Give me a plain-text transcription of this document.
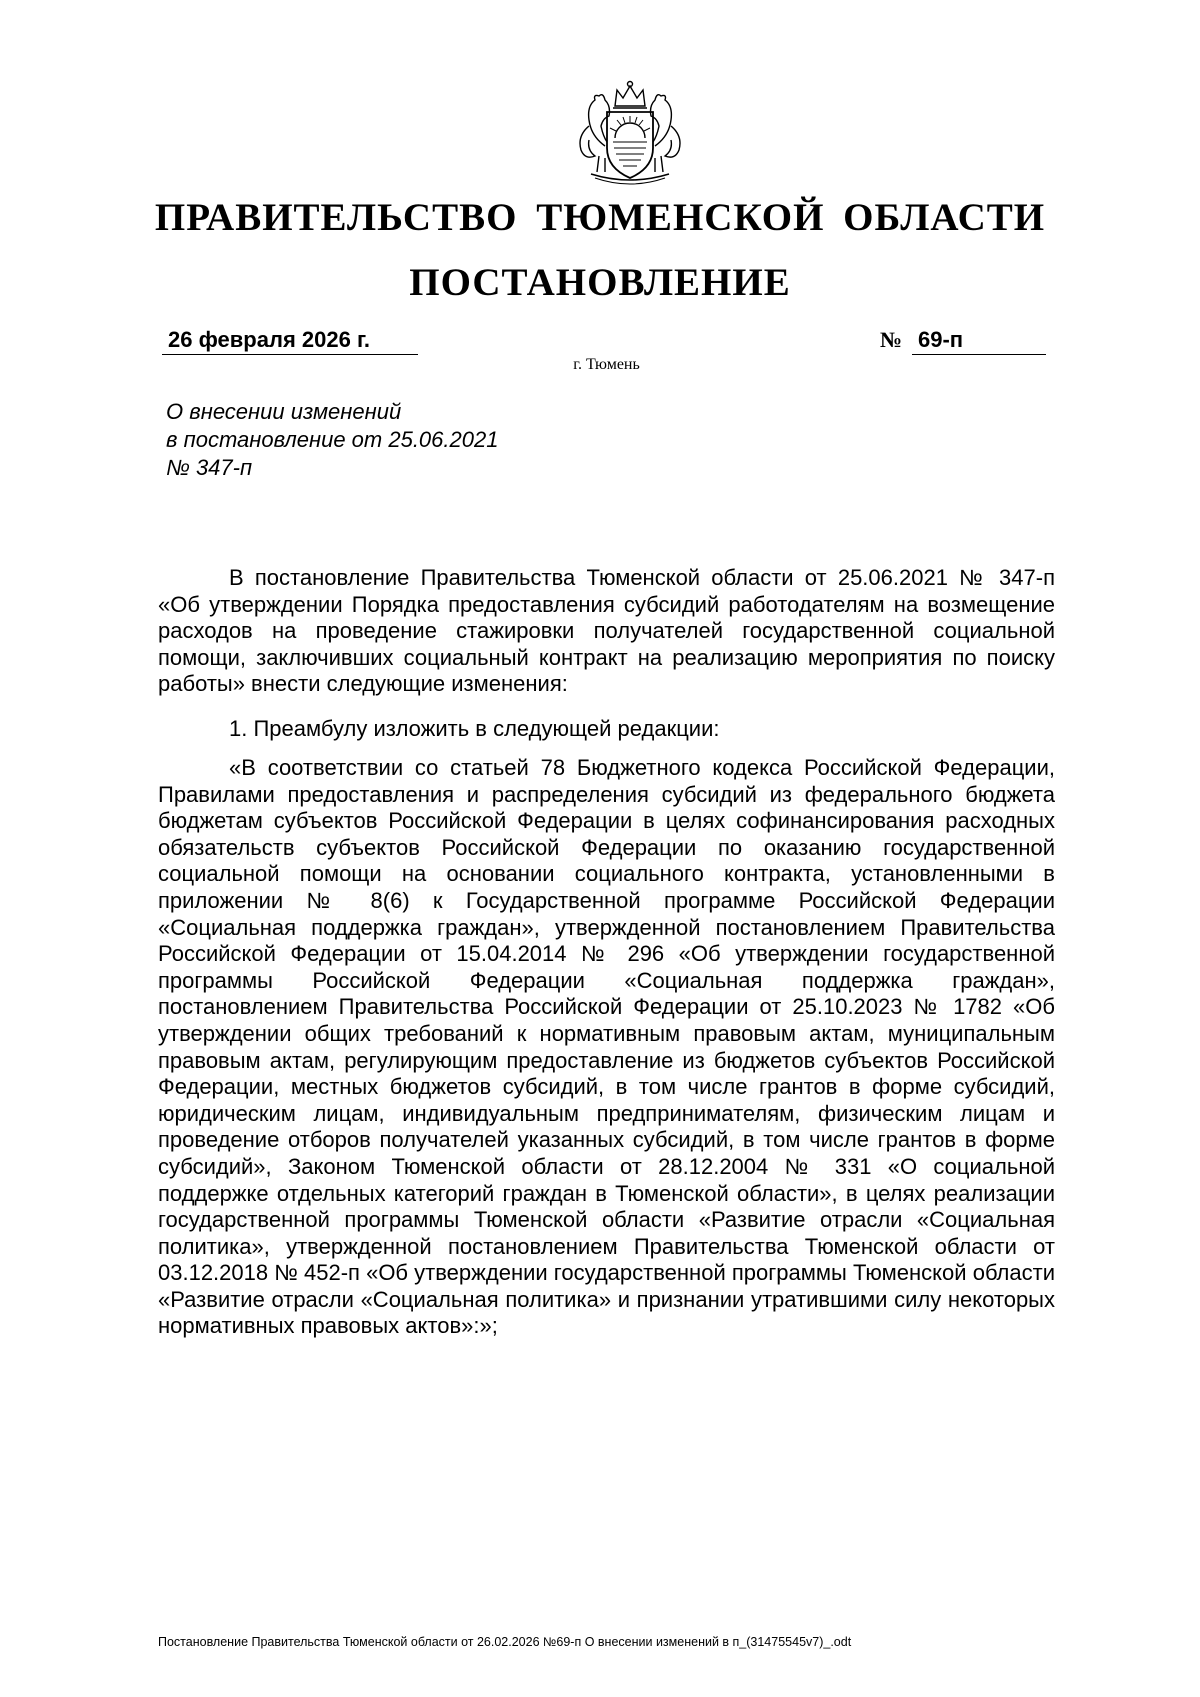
ПРАВИТЕЛЬСТВО ТЮМЕНСКОЙ ОБЛАСТИ
ПОСТАНОВЛЕНИЕ
26 февраля 2026 г.	№ 69-п
г. Тюмень
О внесении изменений
в постановление от 25.06.2021
№ 347-п

В постановление Правительства Тюменской области от 25.06.2021 № 347-п «Об утверждении Порядка предоставления субсидий работодателям на возмещение расходов на проведение стажировки получателей государственной социальной помощи, заключивших социальный контракт на реализацию мероприятия по поиску работы» внести следующие изменения:

1. Преамбулу изложить в следующей редакции:

«В соответствии со статьей 78 Бюджетного кодекса Российской Федерации, Правилами предоставления и распределения субсидий из федерального бюджета бюджетам субъектов Российской Федерации в целях софинансирования расходных обязательств субъектов Российской Федерации по оказанию государственной социальной помощи на основании социального контракта, установленными в приложении № 8(6) к Государственной программе Российской Федерации «Социальная поддержка граждан», утвержденной постановлением Правительства Российской Федерации от 15.04.2014 № 296 «Об утверждении государственной программы Российской Федерации «Социальная поддержка граждан», постановлением Правительства Российской Федерации от 25.10.2023 № 1782 «Об утверждении общих требований к нормативным правовым актам, муниципальным правовым актам, регулирующим предоставление из бюджетов субъектов Российской Федерации, местных бюджетов субсидий, в том числе грантов в форме субсидий, юридическим лицам, индивидуальным предпринимателям, физическим лицам и проведение отборов получателей указанных субсидий, в том числе грантов в форме субсидий», Законом Тюменской области от 28.12.2004 № 331 «О социальной поддержке отдельных категорий граждан в Тюменской области», в целях реализации государственной программы Тюменской области «Развитие отрасли «Социальная политика», утвержденной постановлением Правительства Тюменской области от 03.12.2018 № 452-п «Об утверждении государственной программы Тюменской области «Развитие отрасли «Социальная политика» и признании утратившими силу некоторых нормативных правовых актов»:»;

Постановление Правительства Тюменской области от 26.02.2026 №69-п О внесении изменений в п_(31475545v7)_.odt
